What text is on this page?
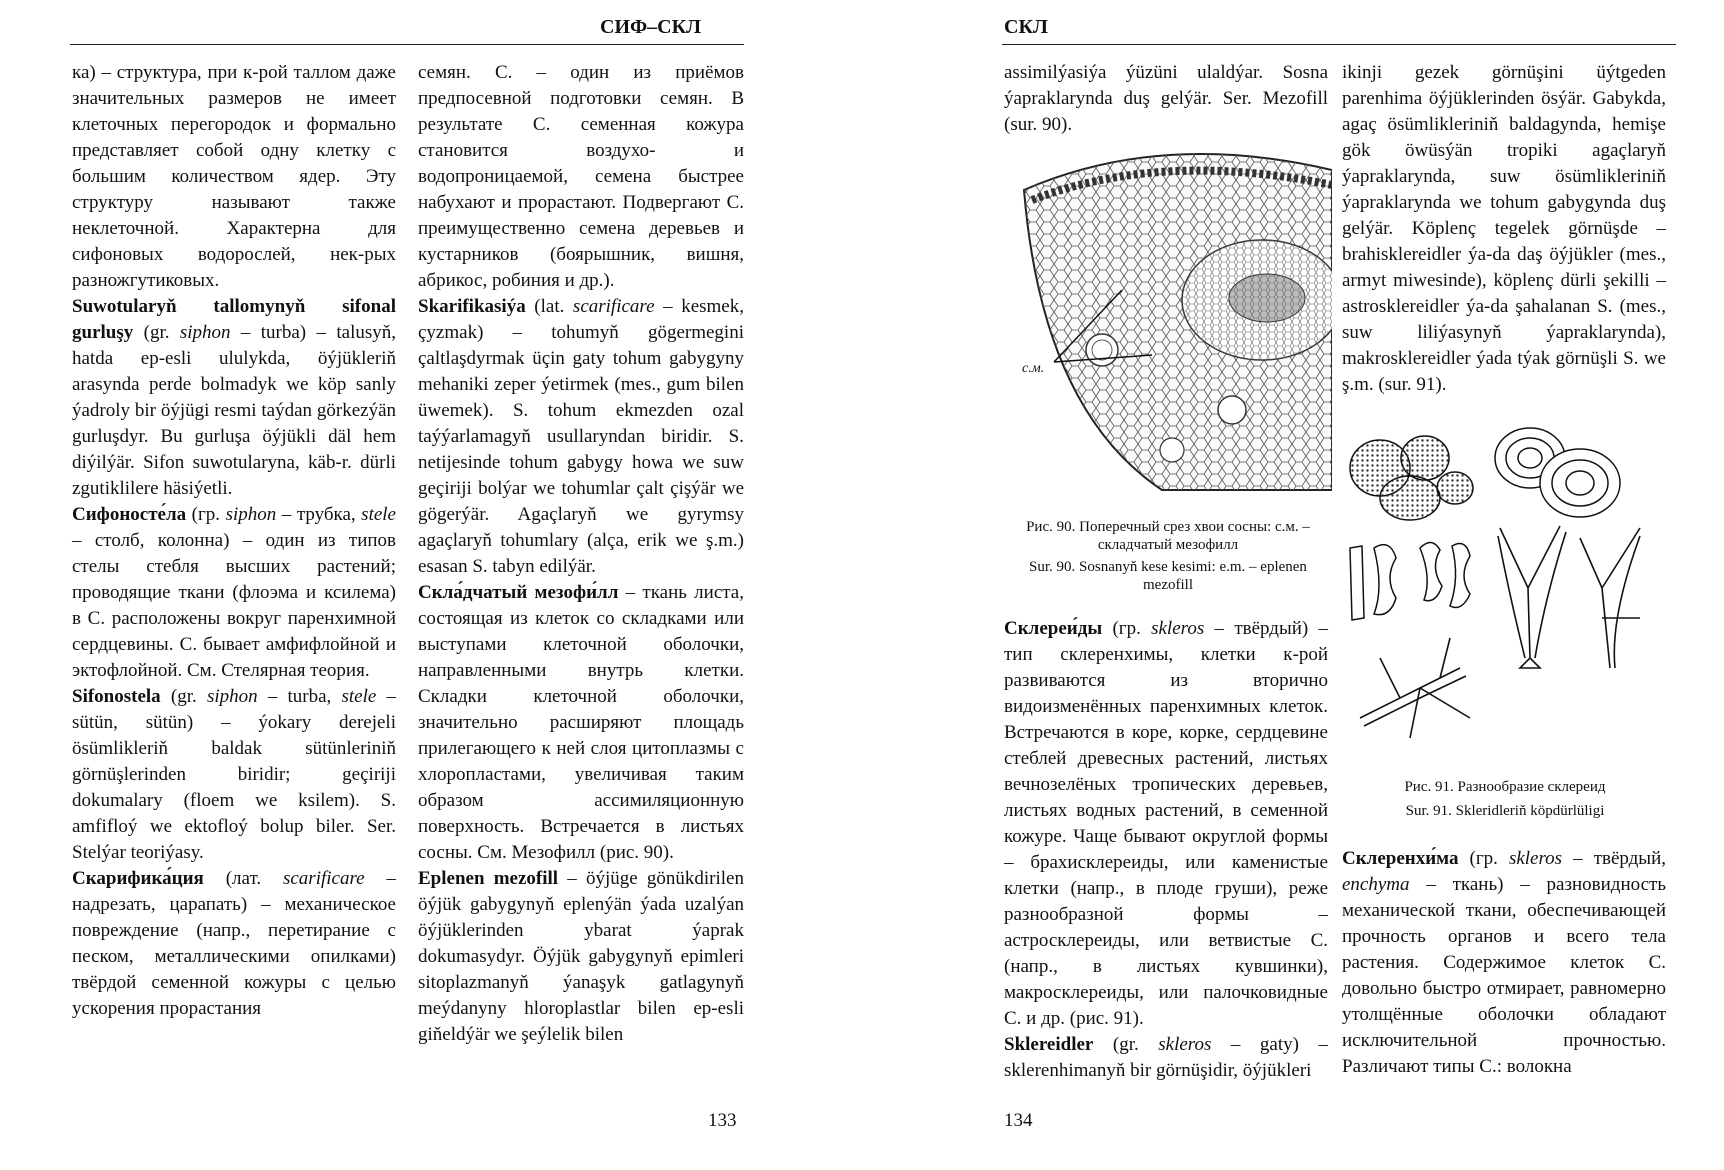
СИФ–СКЛ

ка) – структура, при к-рой таллом даже значительных размеров не имеет клеточных перегородок и формально представляет собой одну клетку с большим количеством ядер. Эту структуру называют также неклеточной. Характерна для сифоновых водорослей, нек-рых разножгутиковых.

Suwotularyň tallomynyň sifonal gurluşy (gr. siphon – turba) – talusyň, hatda ep-esli ululykda, öýjükleriň arasynda perde bolmadyk we köp sanly ýadroly bir öýjügi resmi taýdan görkezýän gurluşdyr. Bu gurluşa öýjükli däl hem diýilýär. Sifon suwotularyna, käb-r. dürli zgutiklilere häsiýetli.

Сифоносте́ла (гр. siphon – трубка, stele – столб, колонна) – один из типов стелы стебля высших растений; проводящие ткани (флоэма и ксилема) в С. расположены вокруг паренхимной сердцевины. С. бывает амфифлойной и эктофлойной. См. Стелярная теория.

Sifonostela (gr. siphon – turba, stele – sütün, sütün) – ýokary derejeli ösümlikleriň baldak sütünleriniň görnüşlerinden biridir; geçiriji dokumalary (floem we ksilem). S. amfifloý we ektofloý bolup biler. Ser. Stelýar teoriýasy.

Скарифика́ция (лат. scarificare – надрезать, царапать) – механическое повреждение (напр., перетирание с песком, металлическими опилками) твёрдой семенной кожуры с целью ускорения прорастания

семян. С. – один из приёмов предпосевной подготовки семян. В результате С. семенная кожура становится воздухо- и водопроницаемой, семена быстрее набухают и прорастают. Подвергают С. преимущественно семена деревьев и кустарников (боярышник, вишня, абрикос, робиния и др.).

Skarifikasiýa (lat. scarificare – kesmek, çyzmak) – tohumyň gögermegini çaltlaşdyrmak üçin gaty tohum gabygyny mehaniki zeper ýetirmek (mes., gum bilen üwemek). S. tohum ekmezden ozal taýýarlamagyň usullaryndan biridir. S. netijesinde tohum gabygy howa we suw geçiriji bolýar we tohumlar çalt çişýär we gögerýär. Agaçlaryň we gyrymsy agaçlaryň tohumlary (alça, erik we ş.m.) esasan S. tabyn edilýär.

Скла́дчатый мезофи́лл – ткань листа, состоящая из клеток со складками или выступами клеточной оболочки, направленными внутрь клетки. Складки клеточной оболочки, значительно расширяют площадь прилегающего к ней слоя цитоплазмы с хлоропластами, увеличивая таким образом ассимиляционную поверхность. Встречается в листьях сосны. См. Мезофилл (рис. 90).

Eplenen mezofill – öýjüge gönükdirilen öýjük gabygynyň eplenýän ýada uzalýan öýjüklerinden ybarat ýaprak dokumasydyr. Öýjük gabygynyň epimleri sitoplazmanyň ýanaşyk gatlagynyň meýdanyny hloroplastlar bilen ep-esli giňeldýär we şeýlelik bilen

133
СКЛ

assimilýasiýa ýüzüni ulaldýar. Sosna ýapraklarynda duş gelýär. Ser. Mezofill (sur. 90).

с.м.
Рис. 90. Поперечный срез хвои сосны: с.м. – складчатый мезофилл
Sur. 90. Sosnanyň kese kesimi: e.m. – eplenen mezofill

Склереи́ды (гр. skleros – твёрдый) – тип склеренхимы, клетки к-рой развиваются из вторично видоизменённых паренхимных клеток. Встречаются в коре, корке, сердцевине стеблей древесных растений, листьях вечнозелёных тропических деревьев, листьях водных растений, в семенной кожуре. Чаще бывают округлой формы – брахисклереиды, или каменистые клетки (напр., в плоде груши), реже разнообразной формы – астросклереиды, или ветвистые С. (напр., в листьях кувшинки), макросклереиды, или палочковидные С. и др. (рис. 91).

Sklereidler (gr. skleros – gaty) – sklerenhimanyň bir görnüşidir, öýjükleri

ikinji gezek görnüşini üýtgeden parenhima öýjüklerinden ösýär. Gabykda, agaç ösümlikleriniň baldagynda, hemişe gök öwüsýän tropiki agaçlaryň ýapraklarynda, suw ösümlikleriniň ýapraklarynda we tohum gabygynda duş gelýär. Köplenç tegelek görnüşde – brahisklereidler ýa-da daş öýjükler (mes., armyt miwesinde), köplenç dürli şekilli – astrosklereidler ýa-da şahalanan S. (mes., suw liliýasynyň ýapraklarynda), makrosklereidler ýada týak görnüşli S. we ş.m. (sur. 91).

Рис. 91. Разнообразие склереид
Sur. 91. Skleridleriň köpdürlüligi

Склеренхи́ма (гр. skleros – твёрдый, enchyma – ткань) – разновидность механической ткани, обеспечивающей прочность органов и всего тела растения. Содержимое клеток С. довольно быстро отмирает, равномерно утолщённые оболочки обладают исключительной прочностью. Различают типы С.: волокна

134
